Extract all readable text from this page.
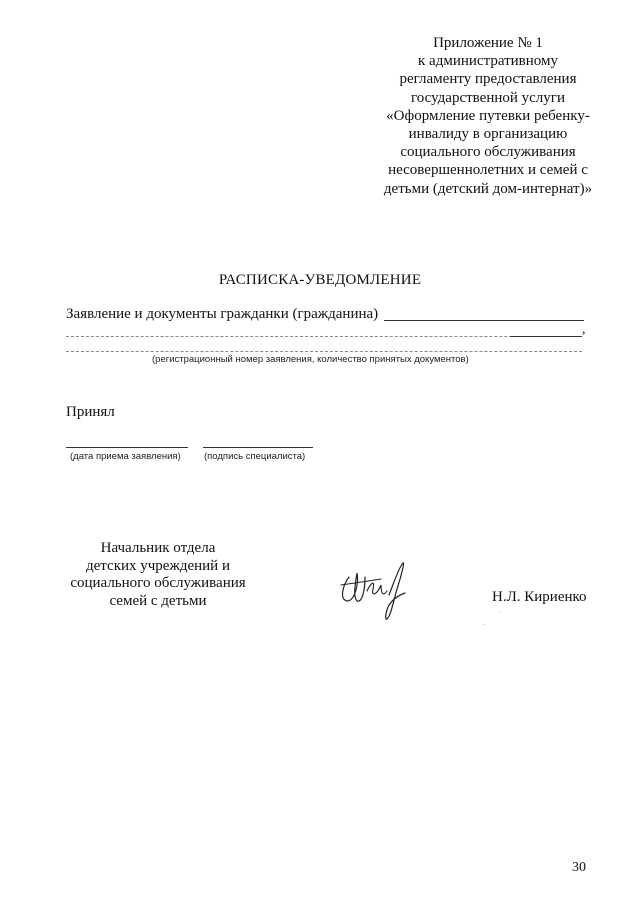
Приложение № 1
к административному
регламенту предоставления
государственной услуги
«Оформление путевки ребенку-
инвалиду в организацию
социального обслуживания
несовершеннолетних и семей с
детьми (детский дом-интернат)»
РАСПИСКА-УВЕДОМЛЕНИЕ
Заявление и документы гражданки (гражданина)
,
(регистрационный номер заявления, количество принятых документов)
Принял
(дата приема заявления) (подпись специалиста)
Начальник отдела
детских учреждений и
социального обслуживания
семей с детьми	Н.Л. Кириенко
30
